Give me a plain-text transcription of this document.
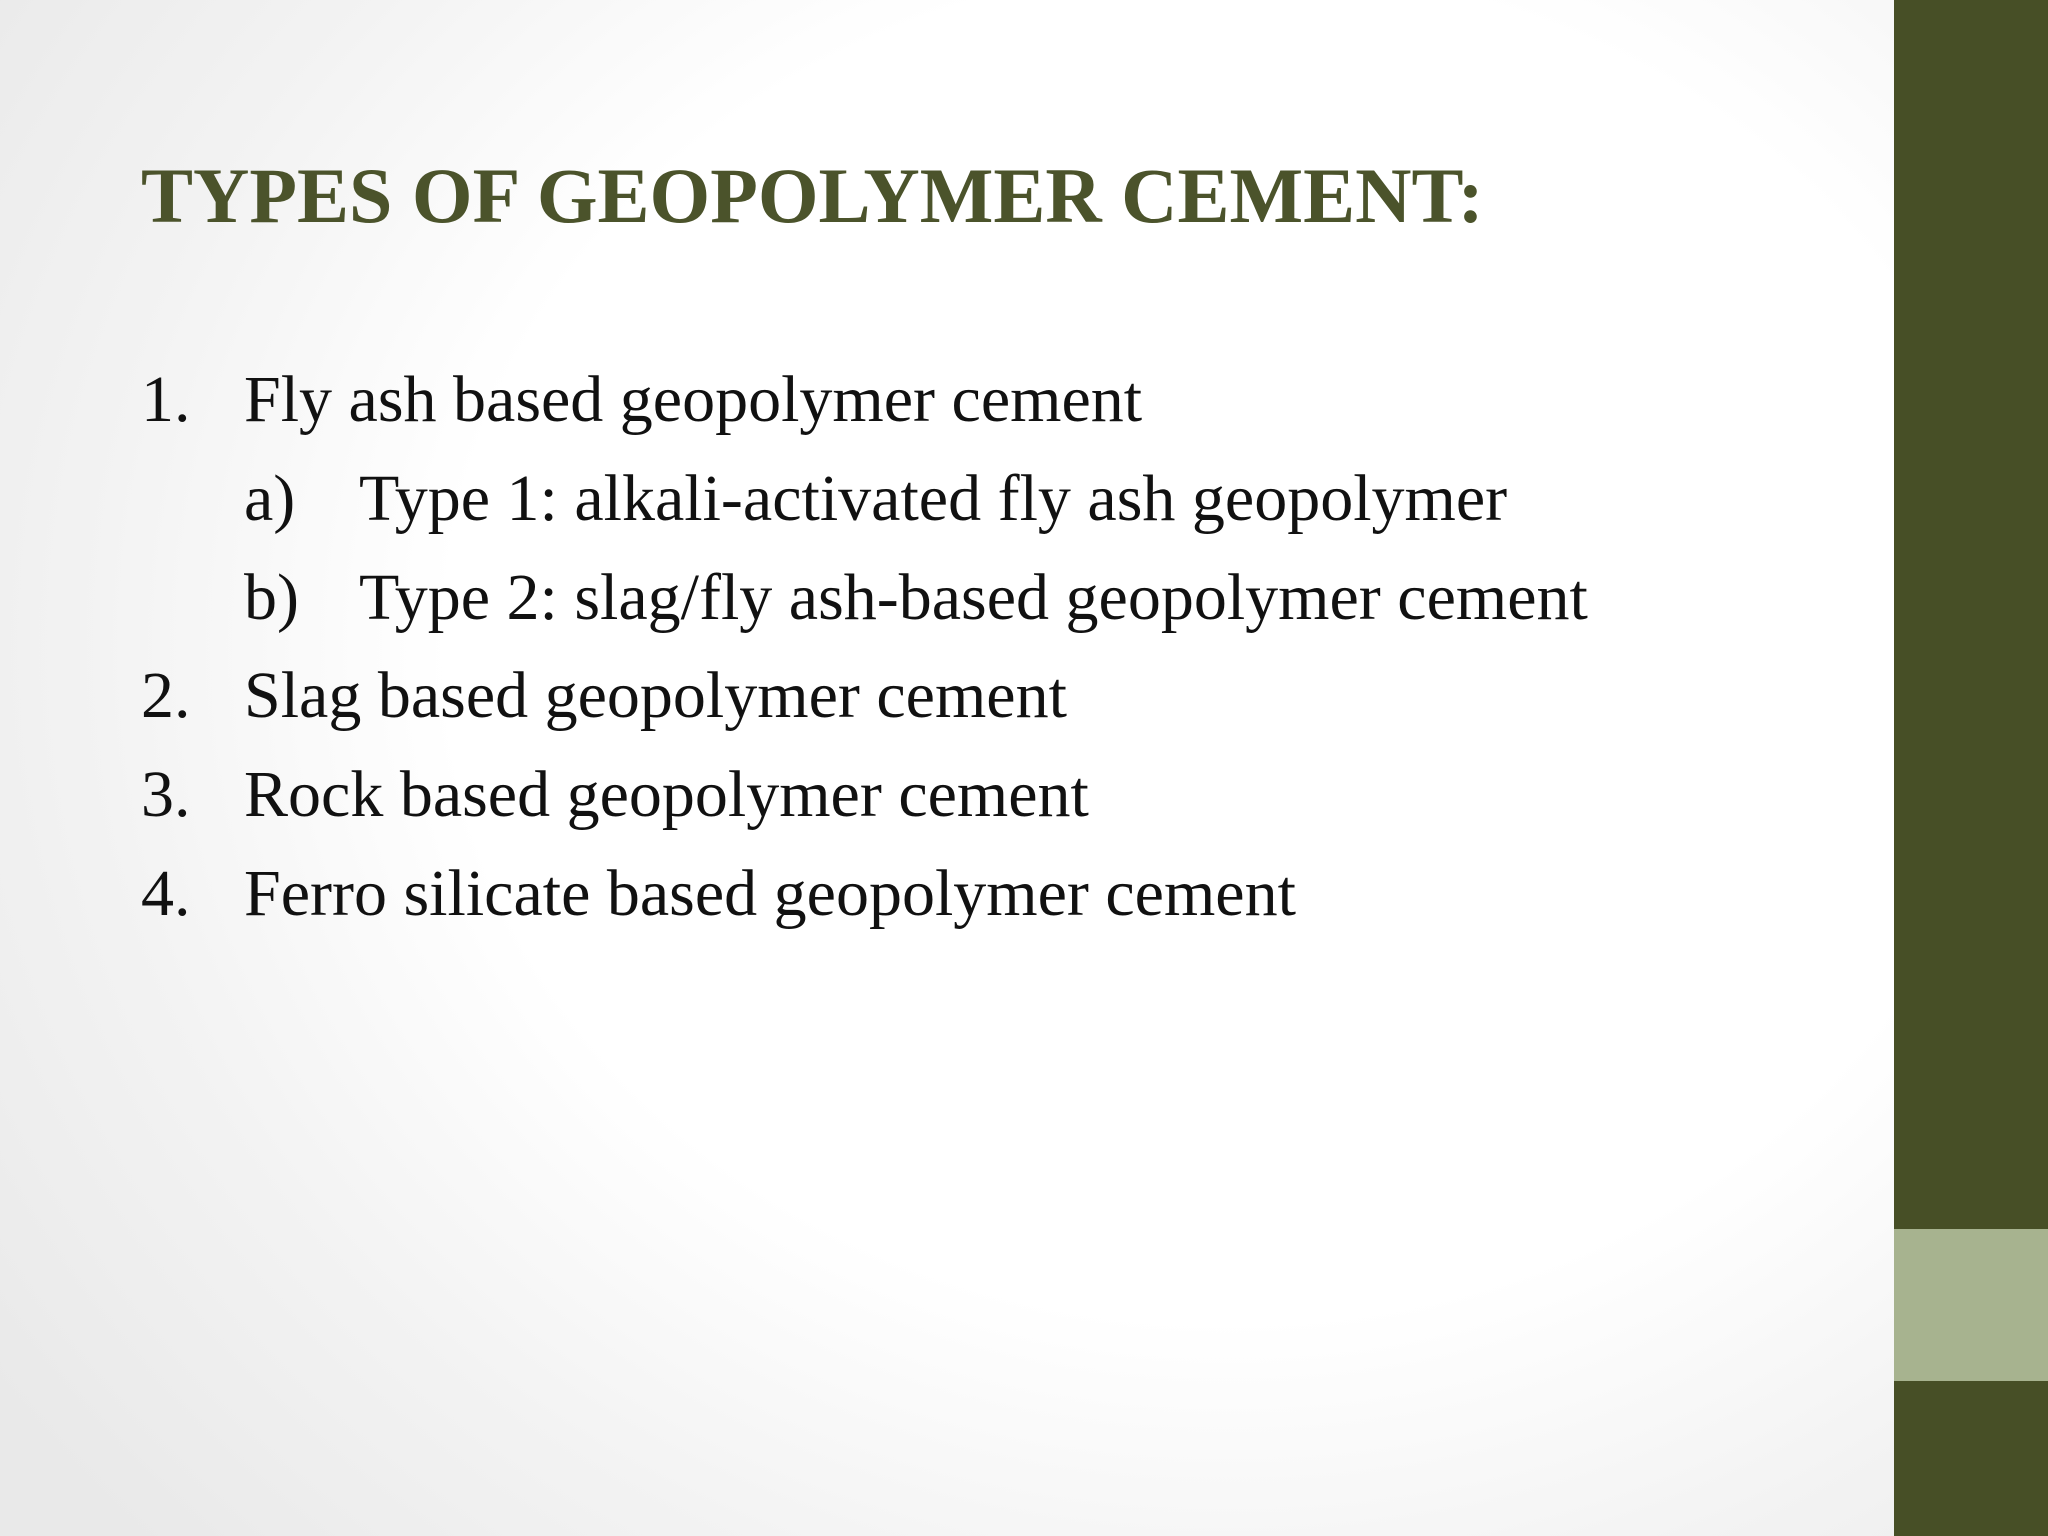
TYPES OF GEOPOLYMER CEMENT:
1. Fly ash based geopolymer cement
a) Type 1: alkali-activated fly ash geopolymer
b) Type 2: slag/fly ash-based geopolymer cement
2. Slag based geopolymer cement
3. Rock based geopolymer cement
4. Ferro silicate based geopolymer cement
